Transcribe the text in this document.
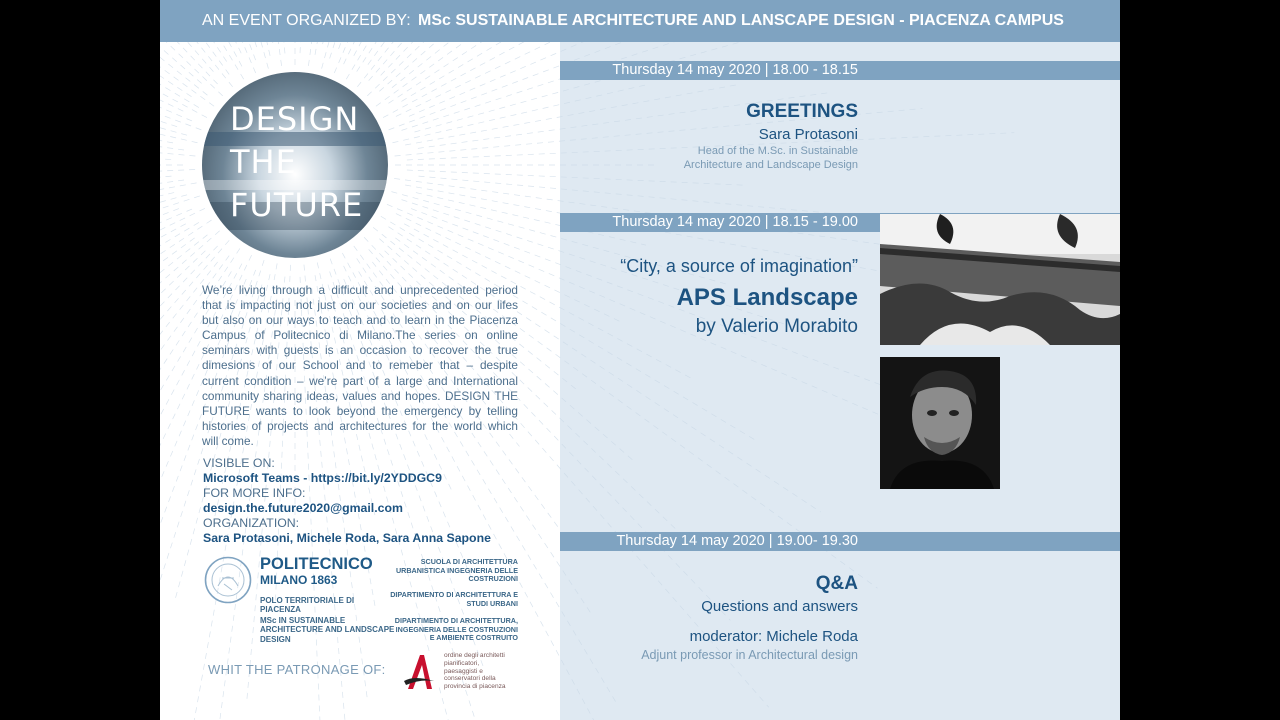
AN EVENT ORGANIZED BY: MSc SUSTAINABLE ARCHITECTURE AND LANSCAPE DESIGN - PIACENZA CAMPUS
DESIGN
THE
FUTURE
We’re living through a difficult and unprecedented period that is impacting not just on our societies and on our lifes but also on our ways to teach and to learn in the Piacenza Campus of Politecnico di Milano.The series on online seminars with guests is an occasion to recover the true dimesions of our School and to remeber that – despite current condition – we’re part of a large and International community sharing ideas, values and hopes. DESIGN THE FUTURE wants to look beyond the emergency by telling histories of projects and architectures for the world which will come.
VISIBLE ON:
Microsoft Teams - https://bit.ly/2YDDGC9
FOR MORE INFO:
design.the.future2020@gmail.com
ORGANIZATION:
Sara Protasoni, Michele Roda, Sara Anna Sapone
POLITECNICO
MILANO 1863
POLO TERRITORIALE DI
PIACENZA
MSc IN SUSTAINABLE
ARCHITECTURE AND LANDSCAPE
DESIGN
SCUOLA DI ARCHITETTURA
URBANISTICA INGEGNERIA DELLE
COSTRUZIONI
DIPARTIMENTO DI ARCHITETTURA E
STUDI URBANI
DIPARTIMENTO DI ARCHITETTURA,
INGEGNERIA DELLE COSTRUZIONI
E AMBIENTE COSTRUITO
WHIT THE PATRONAGE OF:
ordine degli architetti
pianificatori,
paesaggisti e
conservatori della
provincia di piacenza
Thursday 14 may 2020 | 18.00 - 18.15
GREETINGS
Sara Protasoni
Head of the M.Sc. in Sustainable
Architecture and Landscape Design
Thursday 14 may 2020 | 18.15 - 19.00
“City, a source of imagination”
APS Landscape
by Valerio Morabito
Thursday 14 may 2020 | 19.00- 19.30
Q&A
Questions and answers
moderator: Michele Roda
Adjunt professor in Architectural design
